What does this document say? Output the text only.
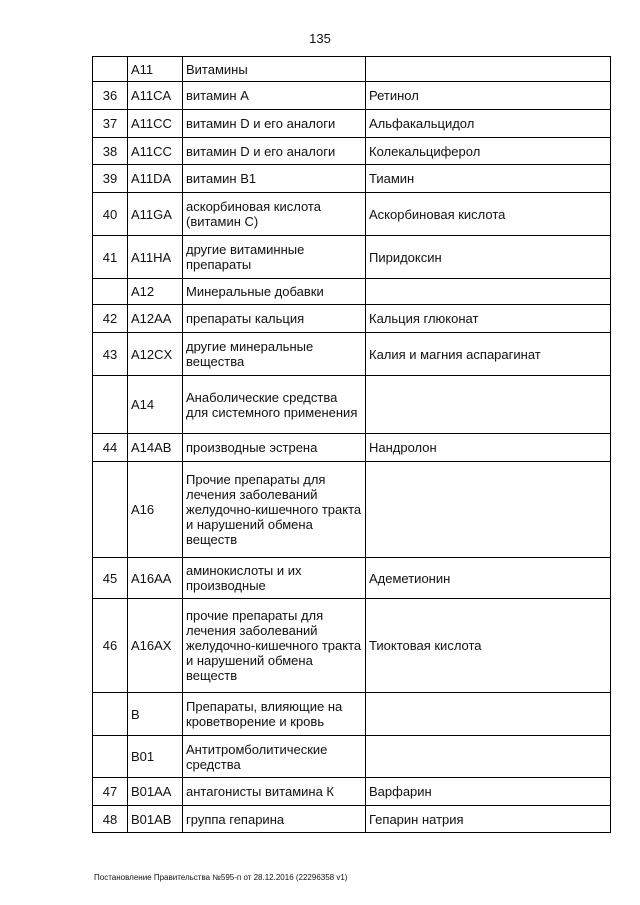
135
	A11	Витамины	
36	A11CA	витамин А	Ретинол
37	A11CC	витамин D и его аналоги	Альфакальцидол
38	A11CC	витамин D и его аналоги	Колекальциферол
39	A11DA	витамин В1	Тиамин
40	A11GA	аскорбиновая кислота (витамин С)	Аскорбиновая кислота
41	A11HA	другие витаминные препараты	Пиридоксин
	A12	Минеральные добавки	
42	A12AA	препараты кальция	Кальция глюконат
43	A12CX	другие минеральные вещества	Калия и магния аспарагинат
	A14	Анаболические средства для системного применения	
44	A14AB	производные эстрена	Нандролон
	A16	Прочие препараты для лечения заболеваний желудочно-кишечного тракта и нарушений обмена веществ	
45	A16AA	аминокислоты и их производные	Адеметионин
46	A16AX	прочие препараты для лечения заболеваний желудочно-кишечного тракта и нарушений обмена веществ	Тиоктовая кислота
	B	Препараты, влияющие на кроветворение и кровь	
	B01	Антитромболитические средства	
47	B01AA	антагонисты витамина К	Варфарин
48	B01AB	группа гепарина	Гепарин натрия
Постановление Правительства №595-п от 28.12.2016 (22296358 v1)
